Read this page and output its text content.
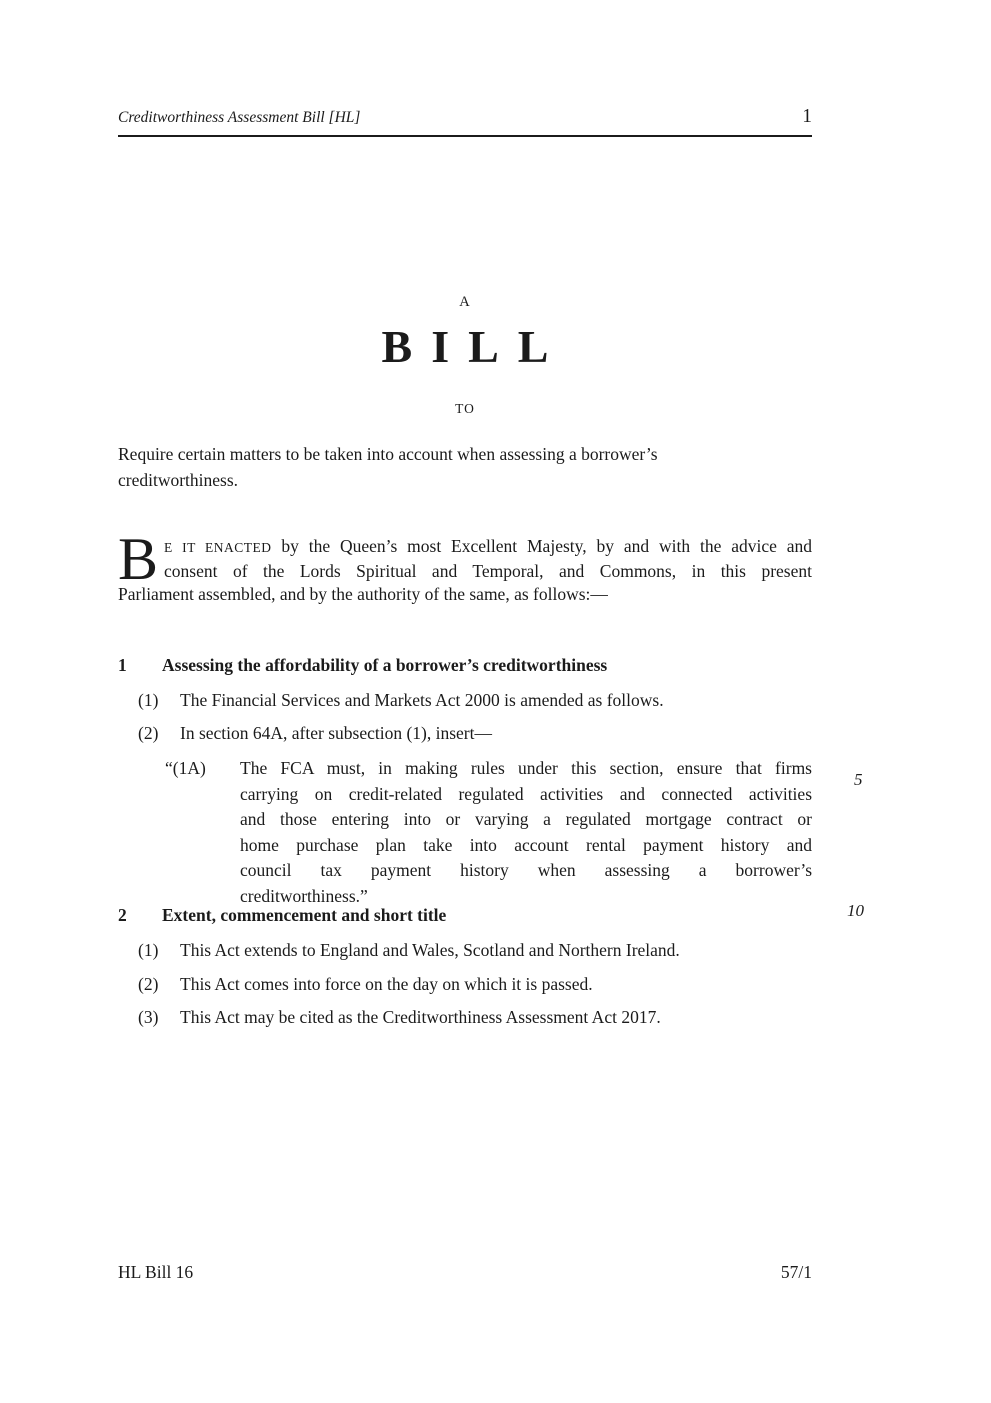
Creditworthiness Assessment Bill [HL]	1
A
BILL
TO
Require certain matters to be taken into account when assessing a borrower’s
creditworthiness.
B E IT ENACTED by the Queen’s most Excellent Majesty, by and with the advice and
consent of the Lords Spiritual and Temporal, and Commons, in this present
Parliament assembled, and by the authority of the same, as follows:—
1 Assessing the affordability of a borrower’s creditworthiness
(1) The Financial Services and Markets Act 2000 is amended as follows.
(2) In section 64A, after subsection (1), insert—
“(1A) The FCA must, in making rules under this section, ensure that firms
carrying on credit-related regulated activities and connected activities
and those entering into or varying a regulated mortgage contract or
home purchase plan take into account rental payment history and
council tax payment history when assessing a borrower’s
creditworthiness.”
2 Extent, commencement and short title
(1) This Act extends to England and Wales, Scotland and Northern Ireland.
(2) This Act comes into force on the day on which it is passed.
(3) This Act may be cited as the Creditworthiness Assessment Act 2017.
5
10
HL Bill 16	57/1
